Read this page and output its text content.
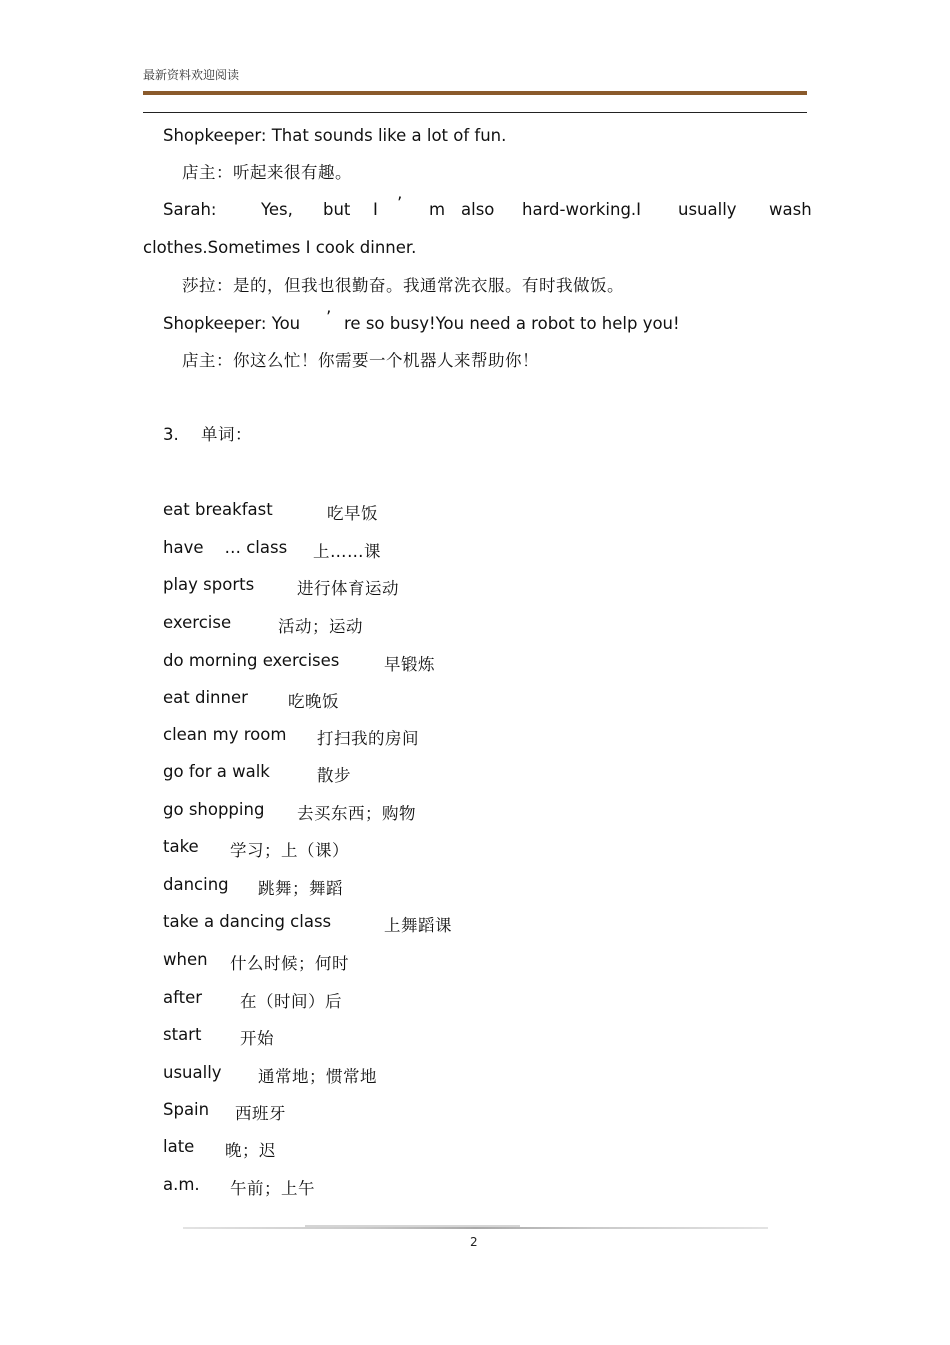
最新资料欢迎阅读
Shopkeeper: That sounds like a lot of fun.
店主：听起来很有趣。
Sarah:	Yes, but I ’ m also hard-working.I usually wash
clothes.Sometimes I cook dinner.
莎拉：是的，但我也很勤奋。我通常洗衣服。有时我做饭。
Shopkeeper: You ’ re so busy!You need a robot to help you!
店主：你这么忙！你需要一个机器人来帮助你！
3. 单词：
eat breakfast	吃早饭
have    … class 上……课
play sports	进行体育运动
exercise	活动；运动
do morning exercises	早锻炼
eat dinner 吃晚饭
clean my room 打扫我的房间
go for a walk	散步
go shopping 去买东西；购物
take 学习；上（课）
dancing 跳舞；舞蹈
take a dancing class	上舞蹈课
when 什么时候；何时
after 在（时间）后
start 开始
usually 通常地；惯常地
Spain 西班牙
late 晚；迟
a.m. 午前；上午
2
